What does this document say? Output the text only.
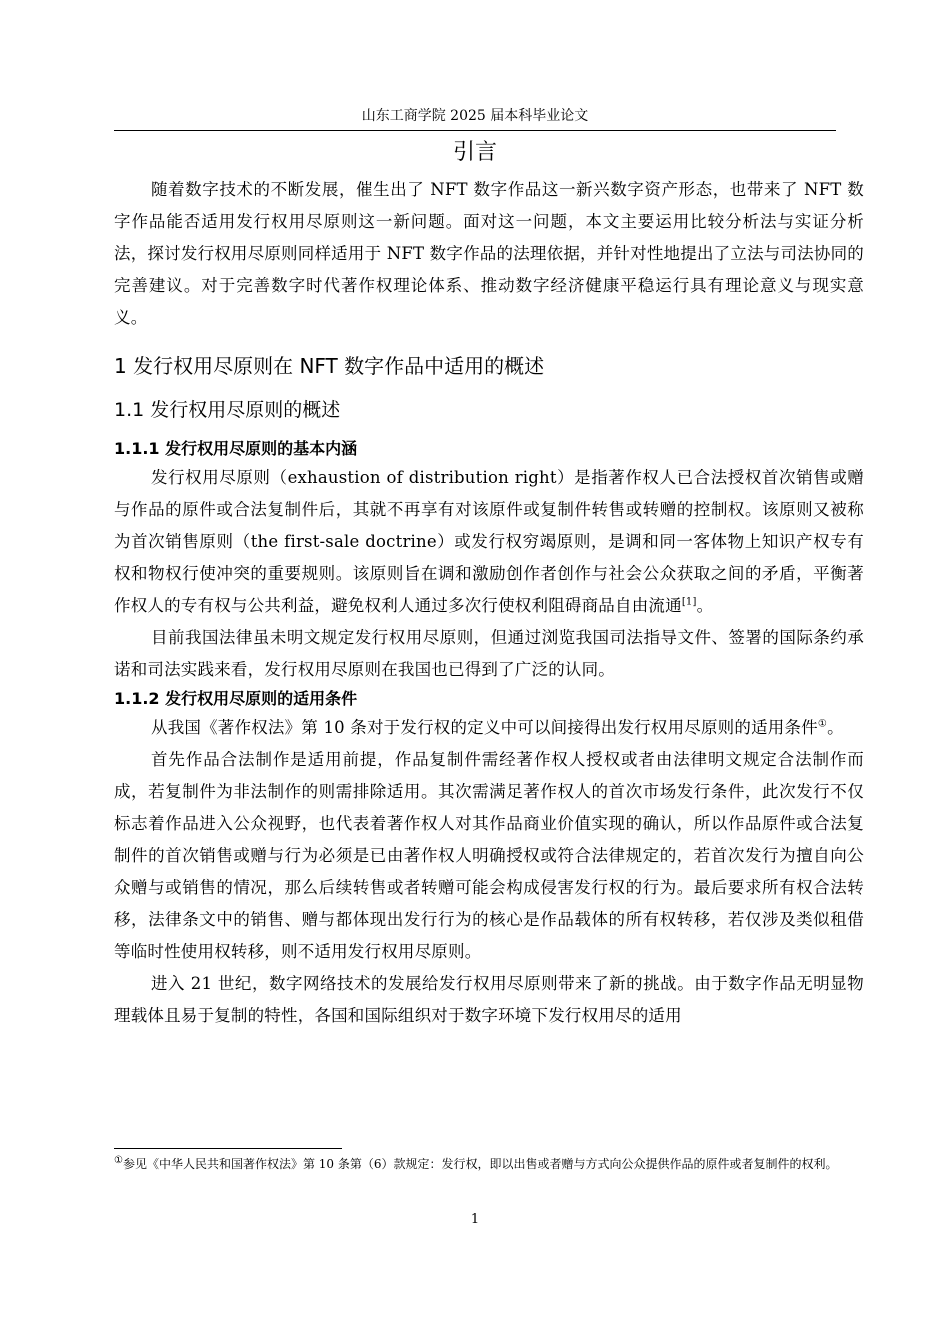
山东工商学院 2025 届本科毕业论文
引言

随着数字技术的不断发展，催生出了 NFT 数字作品这一新兴数字资产形态，也带来了 NFT 数字作品能否适用发行权用尽原则这一新问题。面对这一问题，本文主要运用比较分析法与实证分析法，探讨发行权用尽原则同样适用于 NFT 数字作品的法理依据，并针对性地提出了立法与司法协同的完善建议。对于完善数字时代著作权理论体系、推动数字经济健康平稳运行具有理论意义与现实意义。

1 发行权用尽原则在 NFT 数字作品中适用的概述
1.1 发行权用尽原则的概述
1.1.1 发行权用尽原则的基本内涵

发行权用尽原则（exhaustion of distribution right）是指著作权人已合法授权首次销售或赠与作品的原件或合法复制件后，其就不再享有对该原件或复制件转售或转赠的控制权。该原则又被称为首次销售原则（the first-sale doctrine）或发行权穷竭原则，是调和同一客体物上知识产权专有权和物权行使冲突的重要规则。该原则旨在调和激励创作者创作与社会公众获取之间的矛盾，平衡著作权人的专有权与公共利益，避免权利人通过多次行使权利阻碍商品自由流通[1]。

目前我国法律虽未明文规定发行权用尽原则，但通过浏览我国司法指导文件、签署的国际条约承诺和司法实践来看，发行权用尽原则在我国也已得到了广泛的认同。

1.1.2 发行权用尽原则的适用条件

从我国《著作权法》第 10 条对于发行权的定义中可以间接得出发行权用尽原则的适用条件①。

首先作品合法制作是适用前提，作品复制件需经著作权人授权或者由法律明文规定合法制作而成，若复制件为非法制作的则需排除适用。其次需满足著作权人的首次市场发行条件，此次发行不仅标志着作品进入公众视野，也代表着著作权人对其作品商业价值实现的确认，所以作品原件或合法复制件的首次销售或赠与行为必须是已由著作权人明确授权或符合法律规定的，若首次发行为擅自向公众赠与或销售的情况，那么后续转售或者转赠可能会构成侵害发行权的行为。最后要求所有权合法转移，法律条文中的销售、赠与都体现出发行行为的核心是作品载体的所有权转移，若仅涉及类似租借等临时性使用权转移，则不适用发行权用尽原则。

进入 21 世纪，数字网络技术的发展给发行权用尽原则带来了新的挑战。由于数字作品无明显物理载体且易于复制的特性，各国和国际组织对于数字环境下发行权用尽的适用

①参见《中华人民共和国著作权法》第 10 条第（6）款规定：发行权，即以出售或者赠与方式向公众提供作品的原件或者复制件的权利。
1
